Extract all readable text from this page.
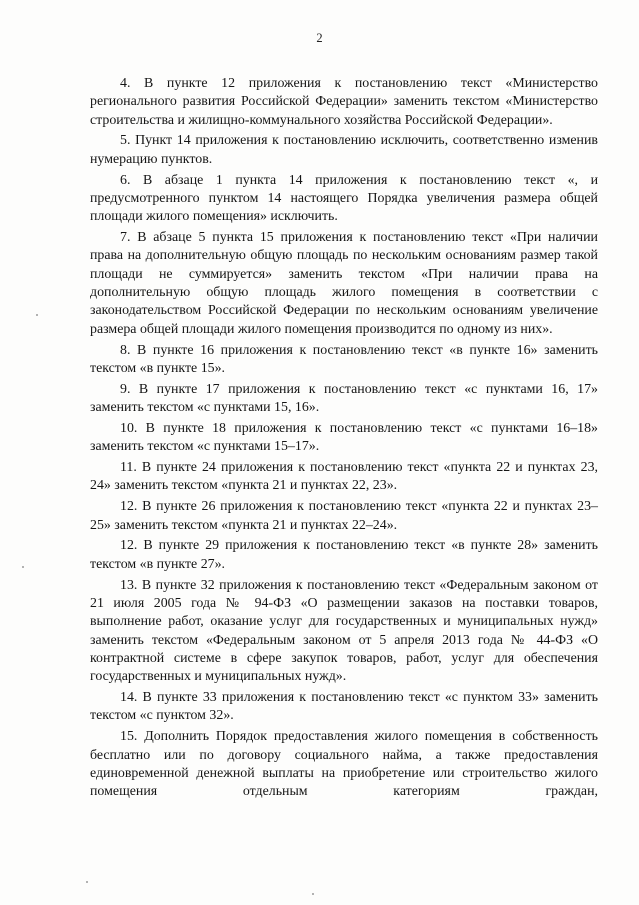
2

4. В пункте 12 приложения к постановлению текст «Министерство регионального развития Российской Федерации» заменить текстом «Министерство строительства и жилищно-коммунального хозяйства Российской Федерации».

5. Пункт 14 приложения к постановлению исключить, соответственно изменив нумерацию пунктов.

6. В абзаце 1 пункта 14 приложения к постановлению текст «, и предусмотренного пунктом 14 настоящего Порядка увеличения размера общей площади жилого помещения» исключить.

7. В абзаце 5 пункта 15 приложения к постановлению текст «При наличии права на дополнительную общую площадь по нескольким основаниям размер такой площади не суммируется» заменить текстом «При наличии права на дополнительную общую площадь жилого помещения в соответствии с законодательством Российской Федерации по нескольким основаниям увеличение размера общей площади жилого помещения производится по одному из них».

8. В пункте 16 приложения к постановлению текст «в пункте 16» заменить текстом «в пункте 15».

9. В пункте 17 приложения к постановлению текст «с пунктами 16, 17» заменить текстом «с пунктами 15, 16».

10. В пункте 18 приложения к постановлению текст «с пунктами 16–18» заменить текстом «с пунктами 15–17».

11. В пункте 24 приложения к постановлению текст «пункта 22 и пунктах 23, 24» заменить текстом «пункта 21 и пунктах 22, 23».

12. В пункте 26 приложения к постановлению текст «пункта 22 и пунктах 23–25» заменить текстом «пункта 21 и пунктах 22–24».

12. В пункте 29 приложения к постановлению текст «в пункте 28» заменить текстом «в пункте 27».

13. В пункте 32 приложения к постановлению текст «Федеральным законом от 21 июля 2005 года № 94-ФЗ «О размещении заказов на поставки товаров, выполнение работ, оказание услуг для государственных и муниципальных нужд» заменить текстом «Федеральным законом от 5 апреля 2013 года № 44-ФЗ «О контрактной системе в сфере закупок товаров, работ, услуг для обеспечения государственных и муниципальных нужд».

14. В пункте 33 приложения к постановлению текст «с пунктом 33» заменить текстом «с пунктом 32».

15. Дополнить Порядок предоставления жилого помещения в собственность бесплатно или по договору социального найма, а также предоставления единовременной денежной выплаты на приобретение или строительство жилого помещения отдельным категориям граждан,
